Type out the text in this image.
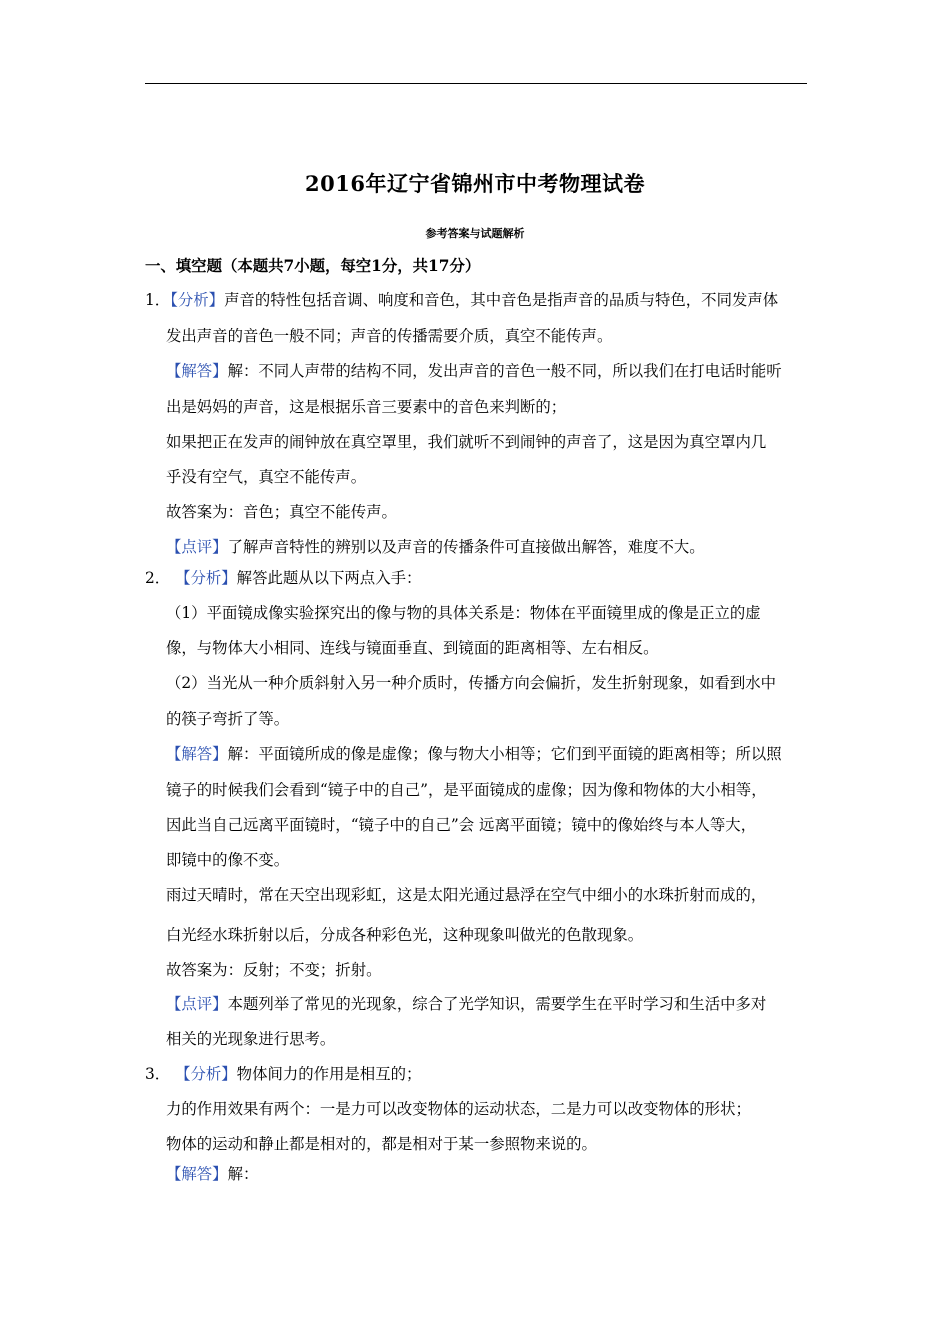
2016年辽宁省锦州市中考物理试卷
参考答案与试题解析
一、填空题（本题共7小题，每空1分，共17分）
1．【分析】声音的特性包括音调、响度和音色，其中音色是指声音的品质与特色，不同发声体
发出声音的音色一般不同；声音的传播需要介质，真空不能传声。
【解答】解：不同人声带的结构不同，发出声音的音色一般不同，所以我们在打电话时能听
出是妈妈的声音，这是根据乐音三要素中的音色来判断的；
如果把正在发声的闹钟放在真空罩里，我们就听不到闹钟的声音了，这是因为真空罩内几
乎没有空气，真空不能传声。
故答案为：音色；真空不能传声。
【点评】了解声音特性的辨别以及声音的传播条件可直接做出解答，难度不大。
2． 【分析】解答此题从以下两点入手：
（1）平面镜成像实验探究出的像与物的具体关系是：物体在平面镜里成的像是正立的虚
像，与物体大小相同、连线与镜面垂直、到镜面的距离相等、左右相反。
（2）当光从一种介质斜射入另一种介质时，传播方向会偏折，发生折射现象，如看到水中
的筷子弯折了等。
【解答】解：平面镜所成的像是虚像；像与物大小相等；它们到平面镜的距离相等；所以照
镜子的时候我们会看到“镜子中的自己”，是平面镜成的虚像；因为像和物体的大小相等，
因此当自己远离平面镜时，“镜子中的自己”会 远离平面镜；镜中的像始终与本人等大，
即镜中的像不变。
雨过天晴时，常在天空出现彩虹，这是太阳光通过悬浮在空气中细小的水珠折射而成的，
白光经水珠折射以后，分成各种彩色光，这种现象叫做光的色散现象。
故答案为：反射；不变；折射。
【点评】本题列举了常见的光现象，综合了光学知识，需要学生在平时学习和生活中多对
相关的光现象进行思考。
3． 【分析】物体间力的作用是相互的；
力的作用效果有两个：一是力可以改变物体的运动状态，二是力可以改变物体的形状；
物体的运动和静止都是相对的，都是相对于某一参照物来说的。
【解答】解：
